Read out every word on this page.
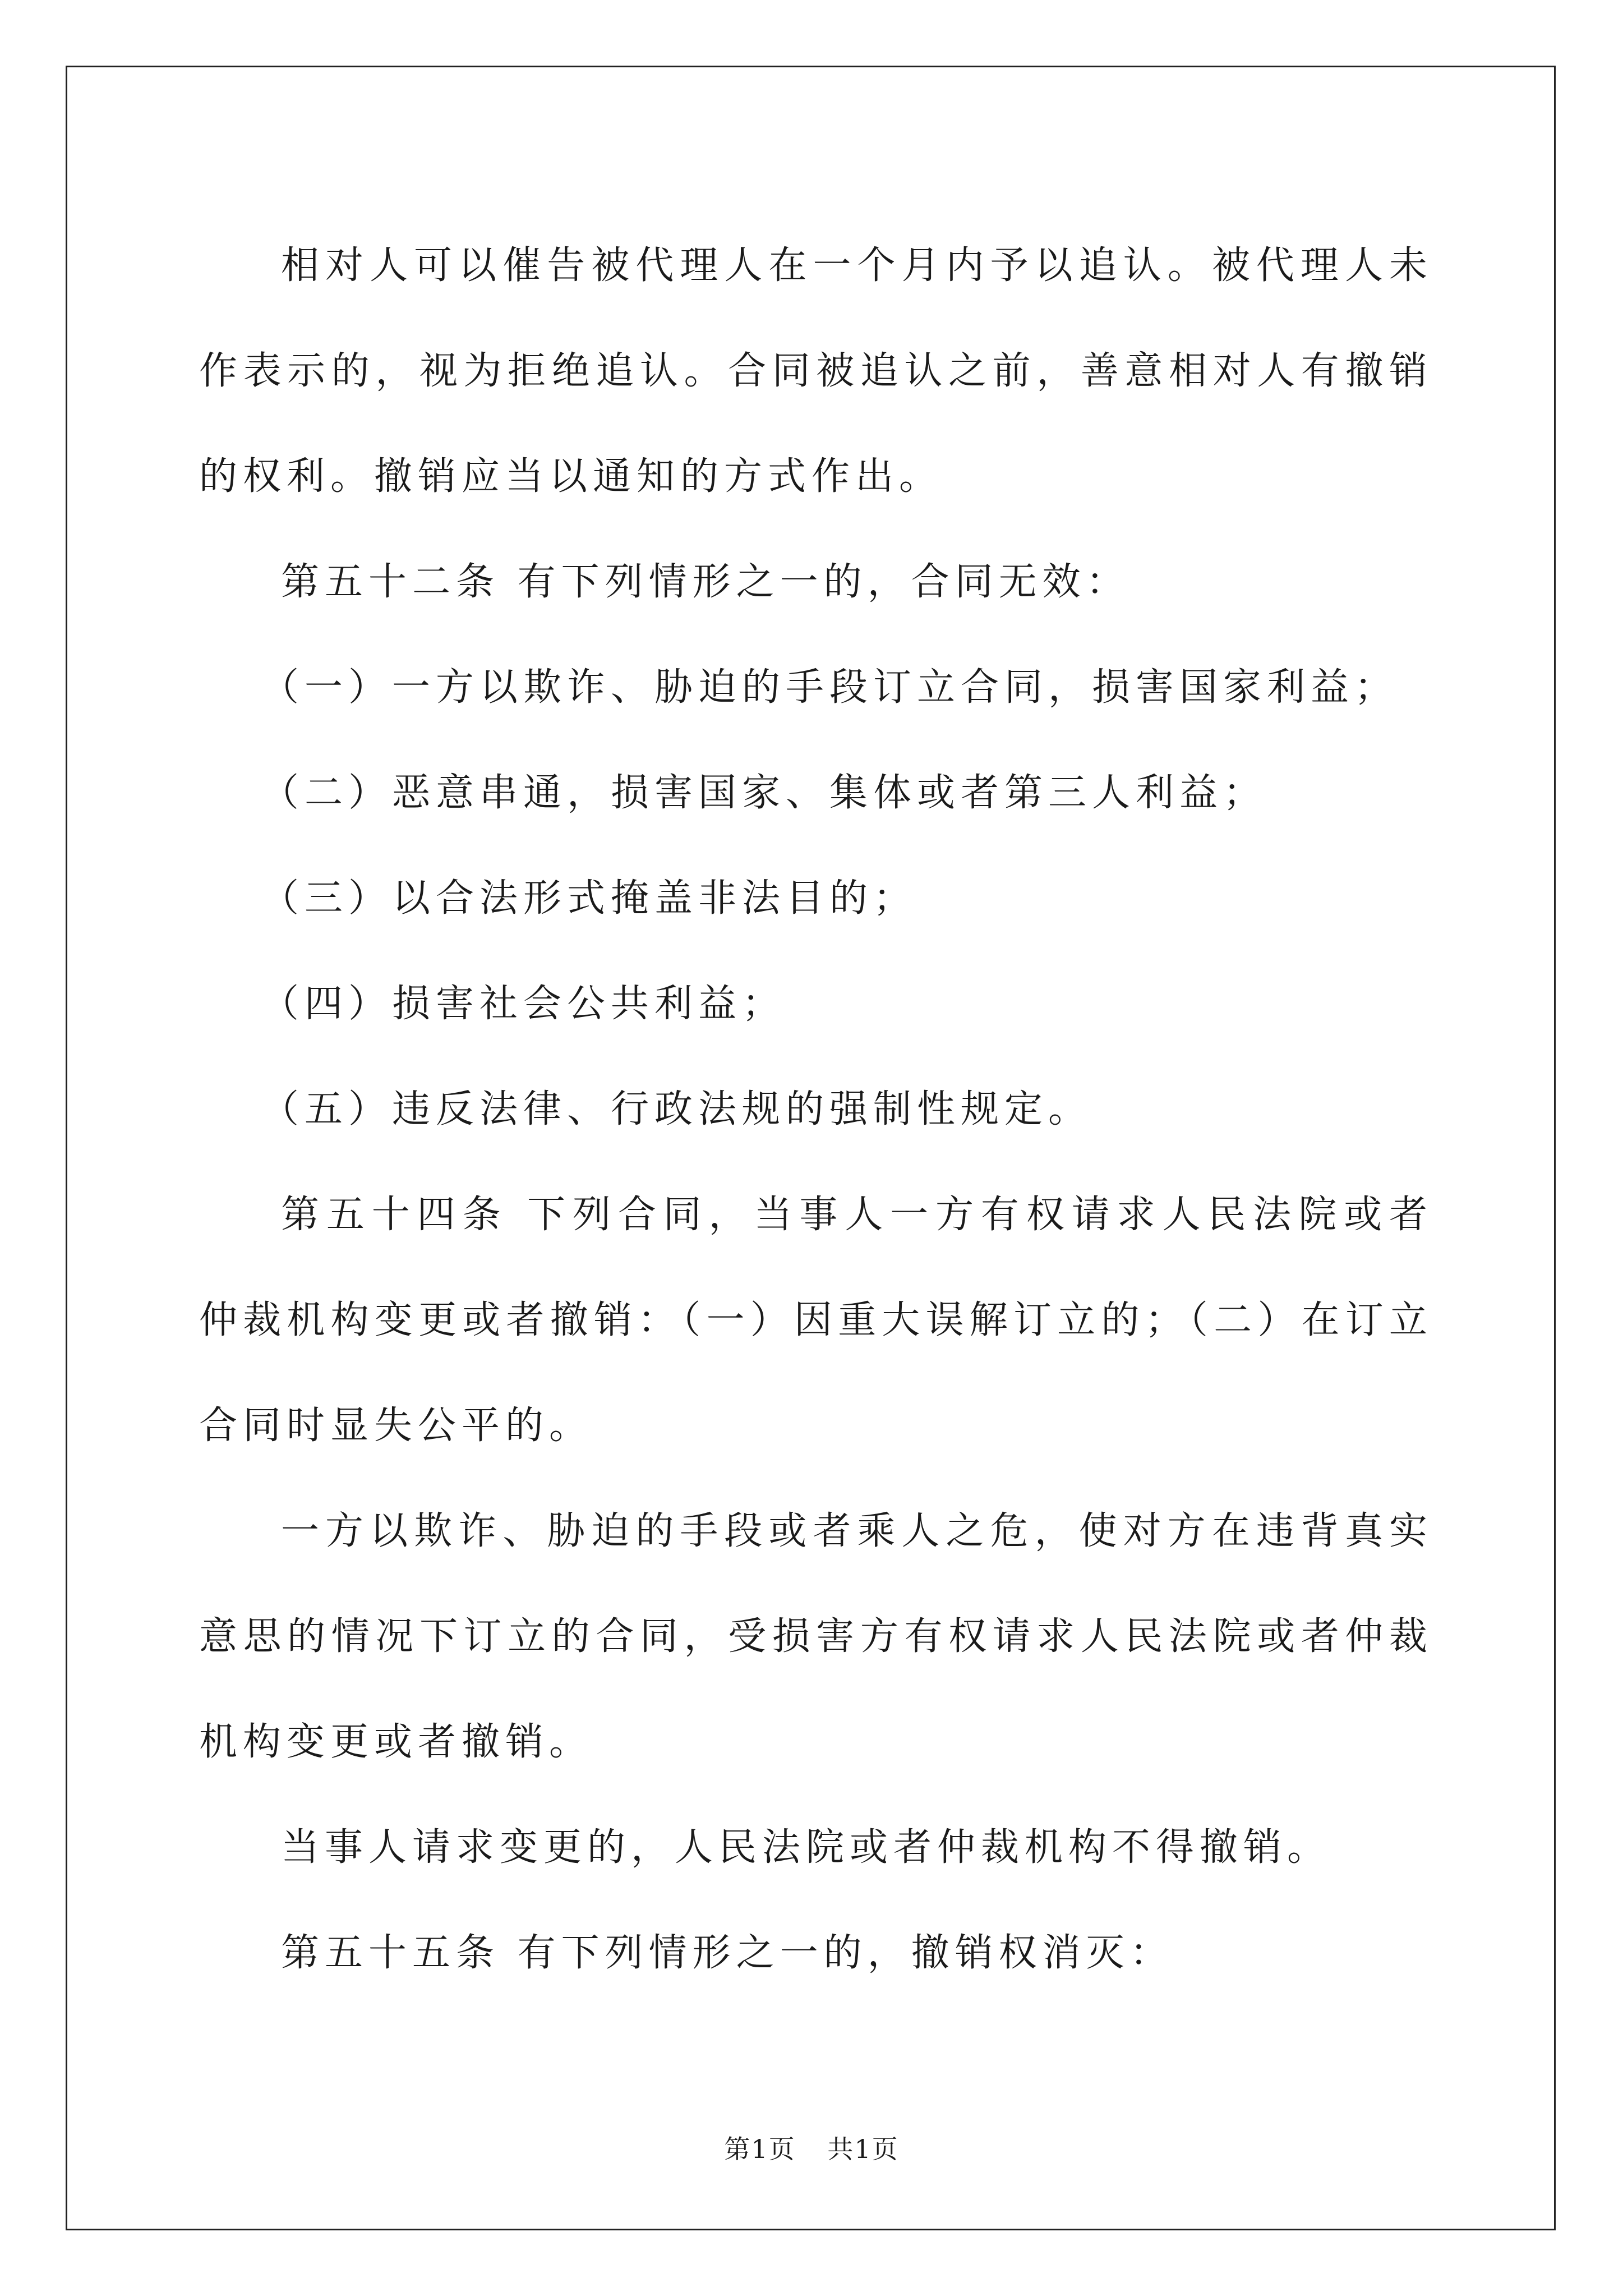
相对人可以催告被代理人在一个月内予以追认。被代理人未作表示的，视为拒绝追认。合同被追认之前，善意相对人有撤销的权利。撤销应当以通知的方式作出。

第五十二条 有下列情形之一的，合同无效：

（一）一方以欺诈、胁迫的手段订立合同，损害国家利益；

（二）恶意串通，损害国家、集体或者第三人利益；

（三）以合法形式掩盖非法目的；

（四）损害社会公共利益；

（五）违反法律、行政法规的强制性规定。

第五十四条 下列合同，当事人一方有权请求人民法院或者仲裁机构变更或者撤销：（一）因重大误解订立的；（二）在订立合同时显失公平的。

一方以欺诈、胁迫的手段或者乘人之危，使对方在违背真实意思的情况下订立的合同，受损害方有权请求人民法院或者仲裁机构变更或者撤销。

当事人请求变更的，人民法院或者仲裁机构不得撤销。

第五十五条 有下列情形之一的，撤销权消灭：

第1页 共1页
